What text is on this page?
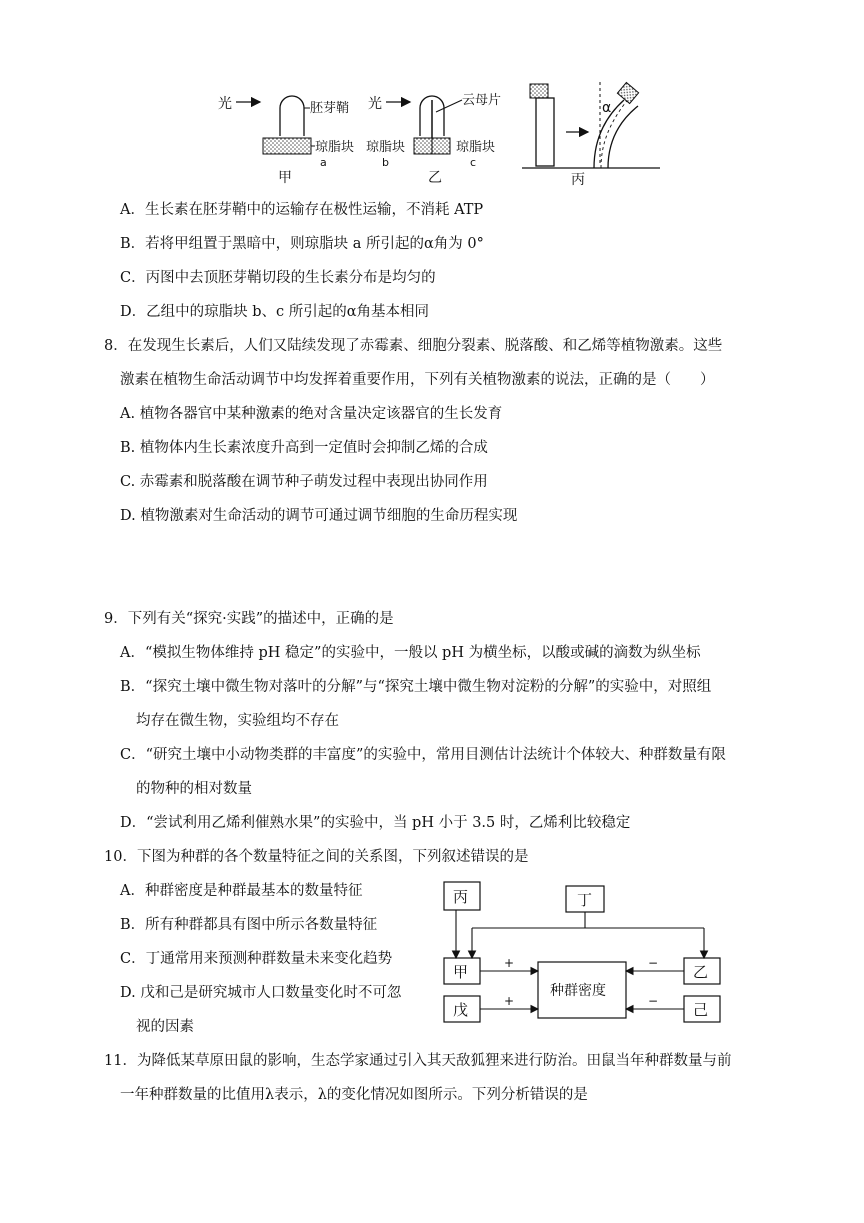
光	胚芽鞘
琼脂块
a
甲
光	云母片
琼脂块	琼脂块
b	c
乙
α
丙
A．生长素在胚芽鞘中的运输存在极性运输，不消耗 ATP
B．若将甲组置于黑暗中，则琼脂块 a 所引起的α角为 0°
C．丙图中去顶胚芽鞘切段的生长素分布是均匀的
D．乙组中的琼脂块 b、c 所引起的α角基本相同
8．在发现生长素后，人们又陆续发现了赤霉素、细胞分裂素、脱落酸、和乙烯等植物激素。这些
激素在植物生命活动调节中均发挥着重要作用，下列有关植物激素的说法，正确的是（　　）
A. 植物各器官中某种激素的绝对含量决定该器官的生长发育
B. 植物体内生长素浓度升高到一定值时会抑制乙烯的合成
C. 赤霉素和脱落酸在调节种子萌发过程中表现出协同作用
D. 植物激素对生命活动的调节可通过调节细胞的生命历程实现
9．下列有关“探究·实践”的描述中，正确的是
A．“模拟生物体维持 pH 稳定”的实验中，一般以 pH 为横坐标，以酸或碱的滴数为纵坐标
B．“探究土壤中微生物对落叶的分解”与“探究土壤中微生物对淀粉的分解”的实验中，对照组
均存在微生物，实验组均不存在
C．“研究土壤中小动物类群的丰富度”的实验中，常用目测估计法统计个体较大、种群数量有限
的物种的相对数量
D．“尝试利用乙烯利催熟水果”的实验中，当 pH 小于 3.5 时，乙烯利比较稳定
10．下图为种群的各个数量特征之间的关系图，下列叙述错误的是
A．种群密度是种群最基本的数量特征
B．所有种群都具有图中所示各数量特征
C．丁通常用来预测种群数量未来变化趋势
D. 戊和己是研究城市人口数量变化时不可忽
视的因素
丙	丁
甲	乙
戊	己
种群密度
+	−
+	−
11．为降低某草原田鼠的影响，生态学家通过引入其天敌狐狸来进行防治。田鼠当年种群数量与前
一年种群数量的比值用λ表示，λ的变化情况如图所示。下列分析错误的是
